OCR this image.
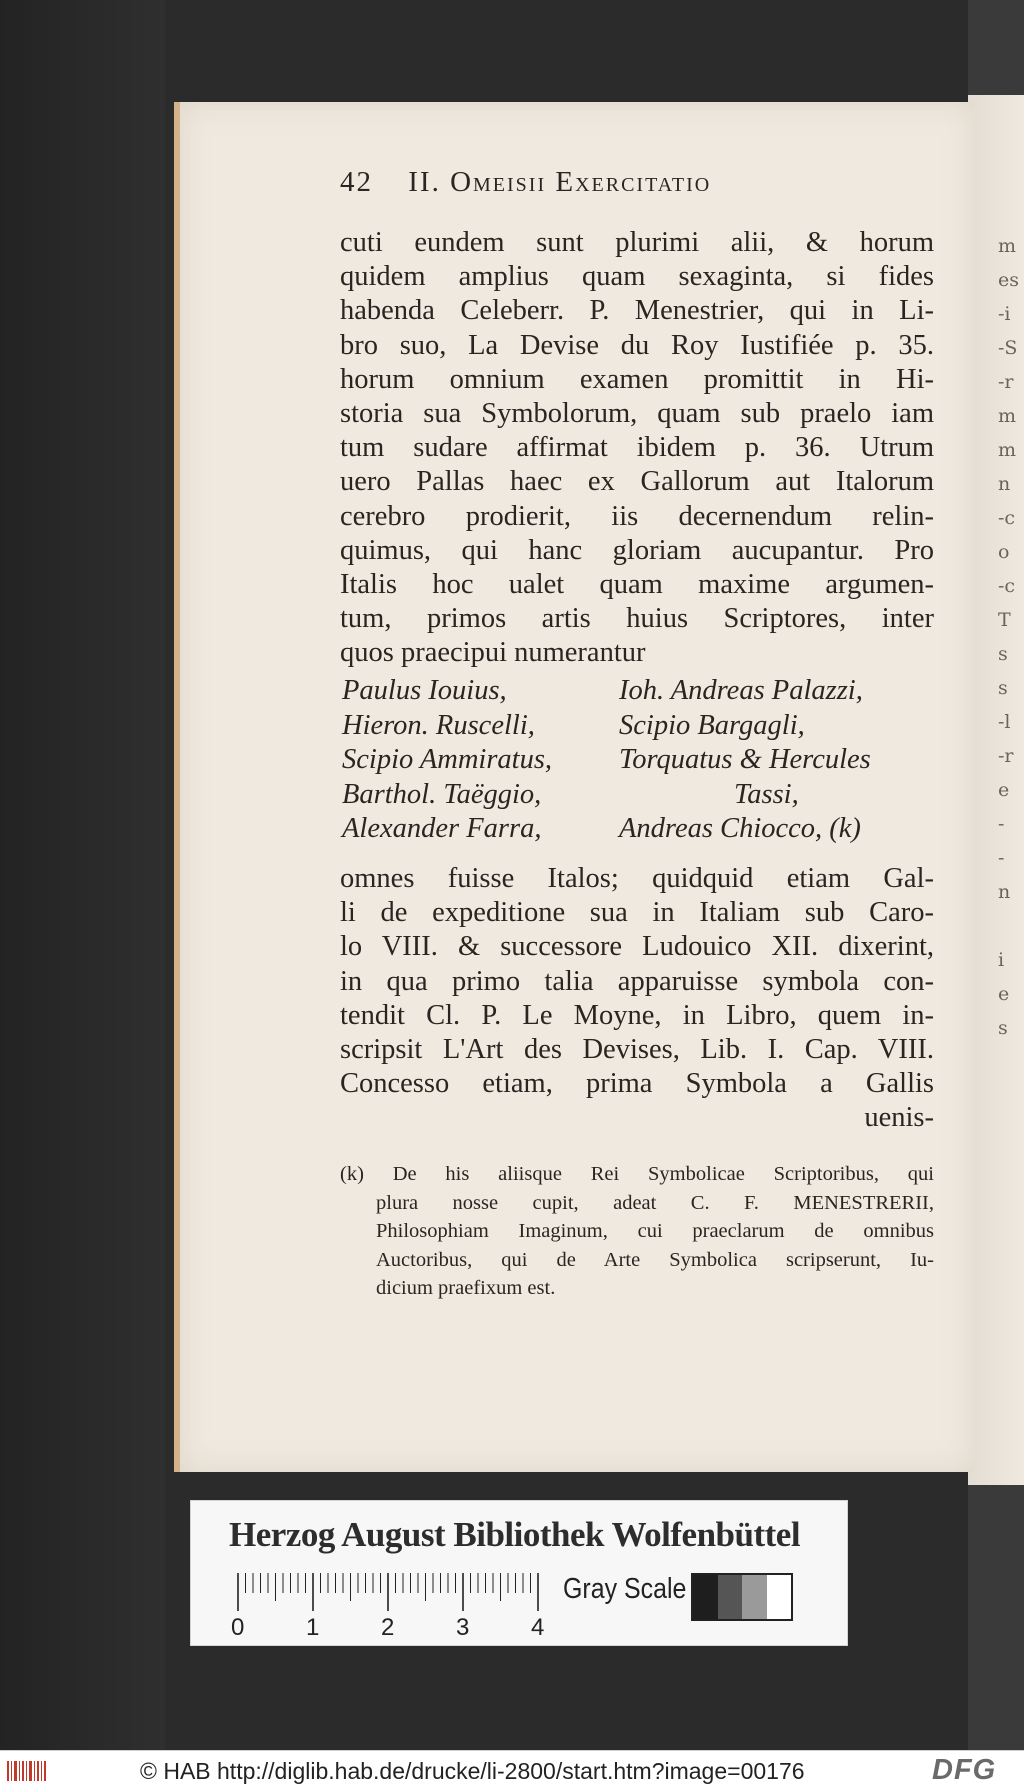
m
es
-i
-S
-r
m
m
n
-c
o
-c
T
s
s
-l
-r
e
-
-
n
i
e
s
42 II. Omeisii Exercitatio
cuti eundem sunt plurimi alii, & horum
quidem amplius quam sexaginta, si fides
habenda Celeberr. P. Menestrier, qui in Li-
bro suo, La Devise du Roy Iustifiée p. 35.
horum omnium examen promittit in Hi-
storia sua Symbolorum, quam sub praelo iam
tum sudare affirmat ibidem p. 36. Utrum
uero Pallas haec ex Gallorum aut Italorum
cerebro prodierit, iis decernendum relin-
quimus, qui hanc gloriam aucupantur. Pro
Italis hoc ualet quam maxime argumen-
tum, primos artis huius Scriptores, inter
quos praecipui numerantur
Paulus Iouius,	Ioh. Andreas Palazzi,
Hieron. Ruscelli,	Scipio Bargagli,
Scipio Ammiratus,	Torquatus & Hercules
Barthol. Taëggio,	Tassi,
Alexander Farra,	Andreas Chiocco, (k)
omnes fuisse Italos; quidquid etiam Gal-
li de expeditione sua in Italiam sub Caro-
lo VIII. & successore Ludouico XII. dixerint,
in qua primo talia apparuisse symbola con-
tendit Cl. P. Le Moyne, in Libro, quem in-
scripsit L'Art des Devises, Lib. I. Cap. VIII.
Concesso etiam, prima Symbola a Gallis
uenis-
(k) De his aliisque Rei Symbolicae Scriptoribus, qui
plura nosse cupit, adeat C. F. MENESTRERII,
Philosophiam Imaginum, cui praeclarum de omnibus
Auctoribus, qui de Arte Symbolica scripserunt, Iu-
dicium praefixum est.
Herzog August Bibliothek Wolfenbüttel
0	1	2	3	4
Gray Scale
© HAB http://diglib.hab.de/drucke/li-2800/start.htm?image=00176	DFG
